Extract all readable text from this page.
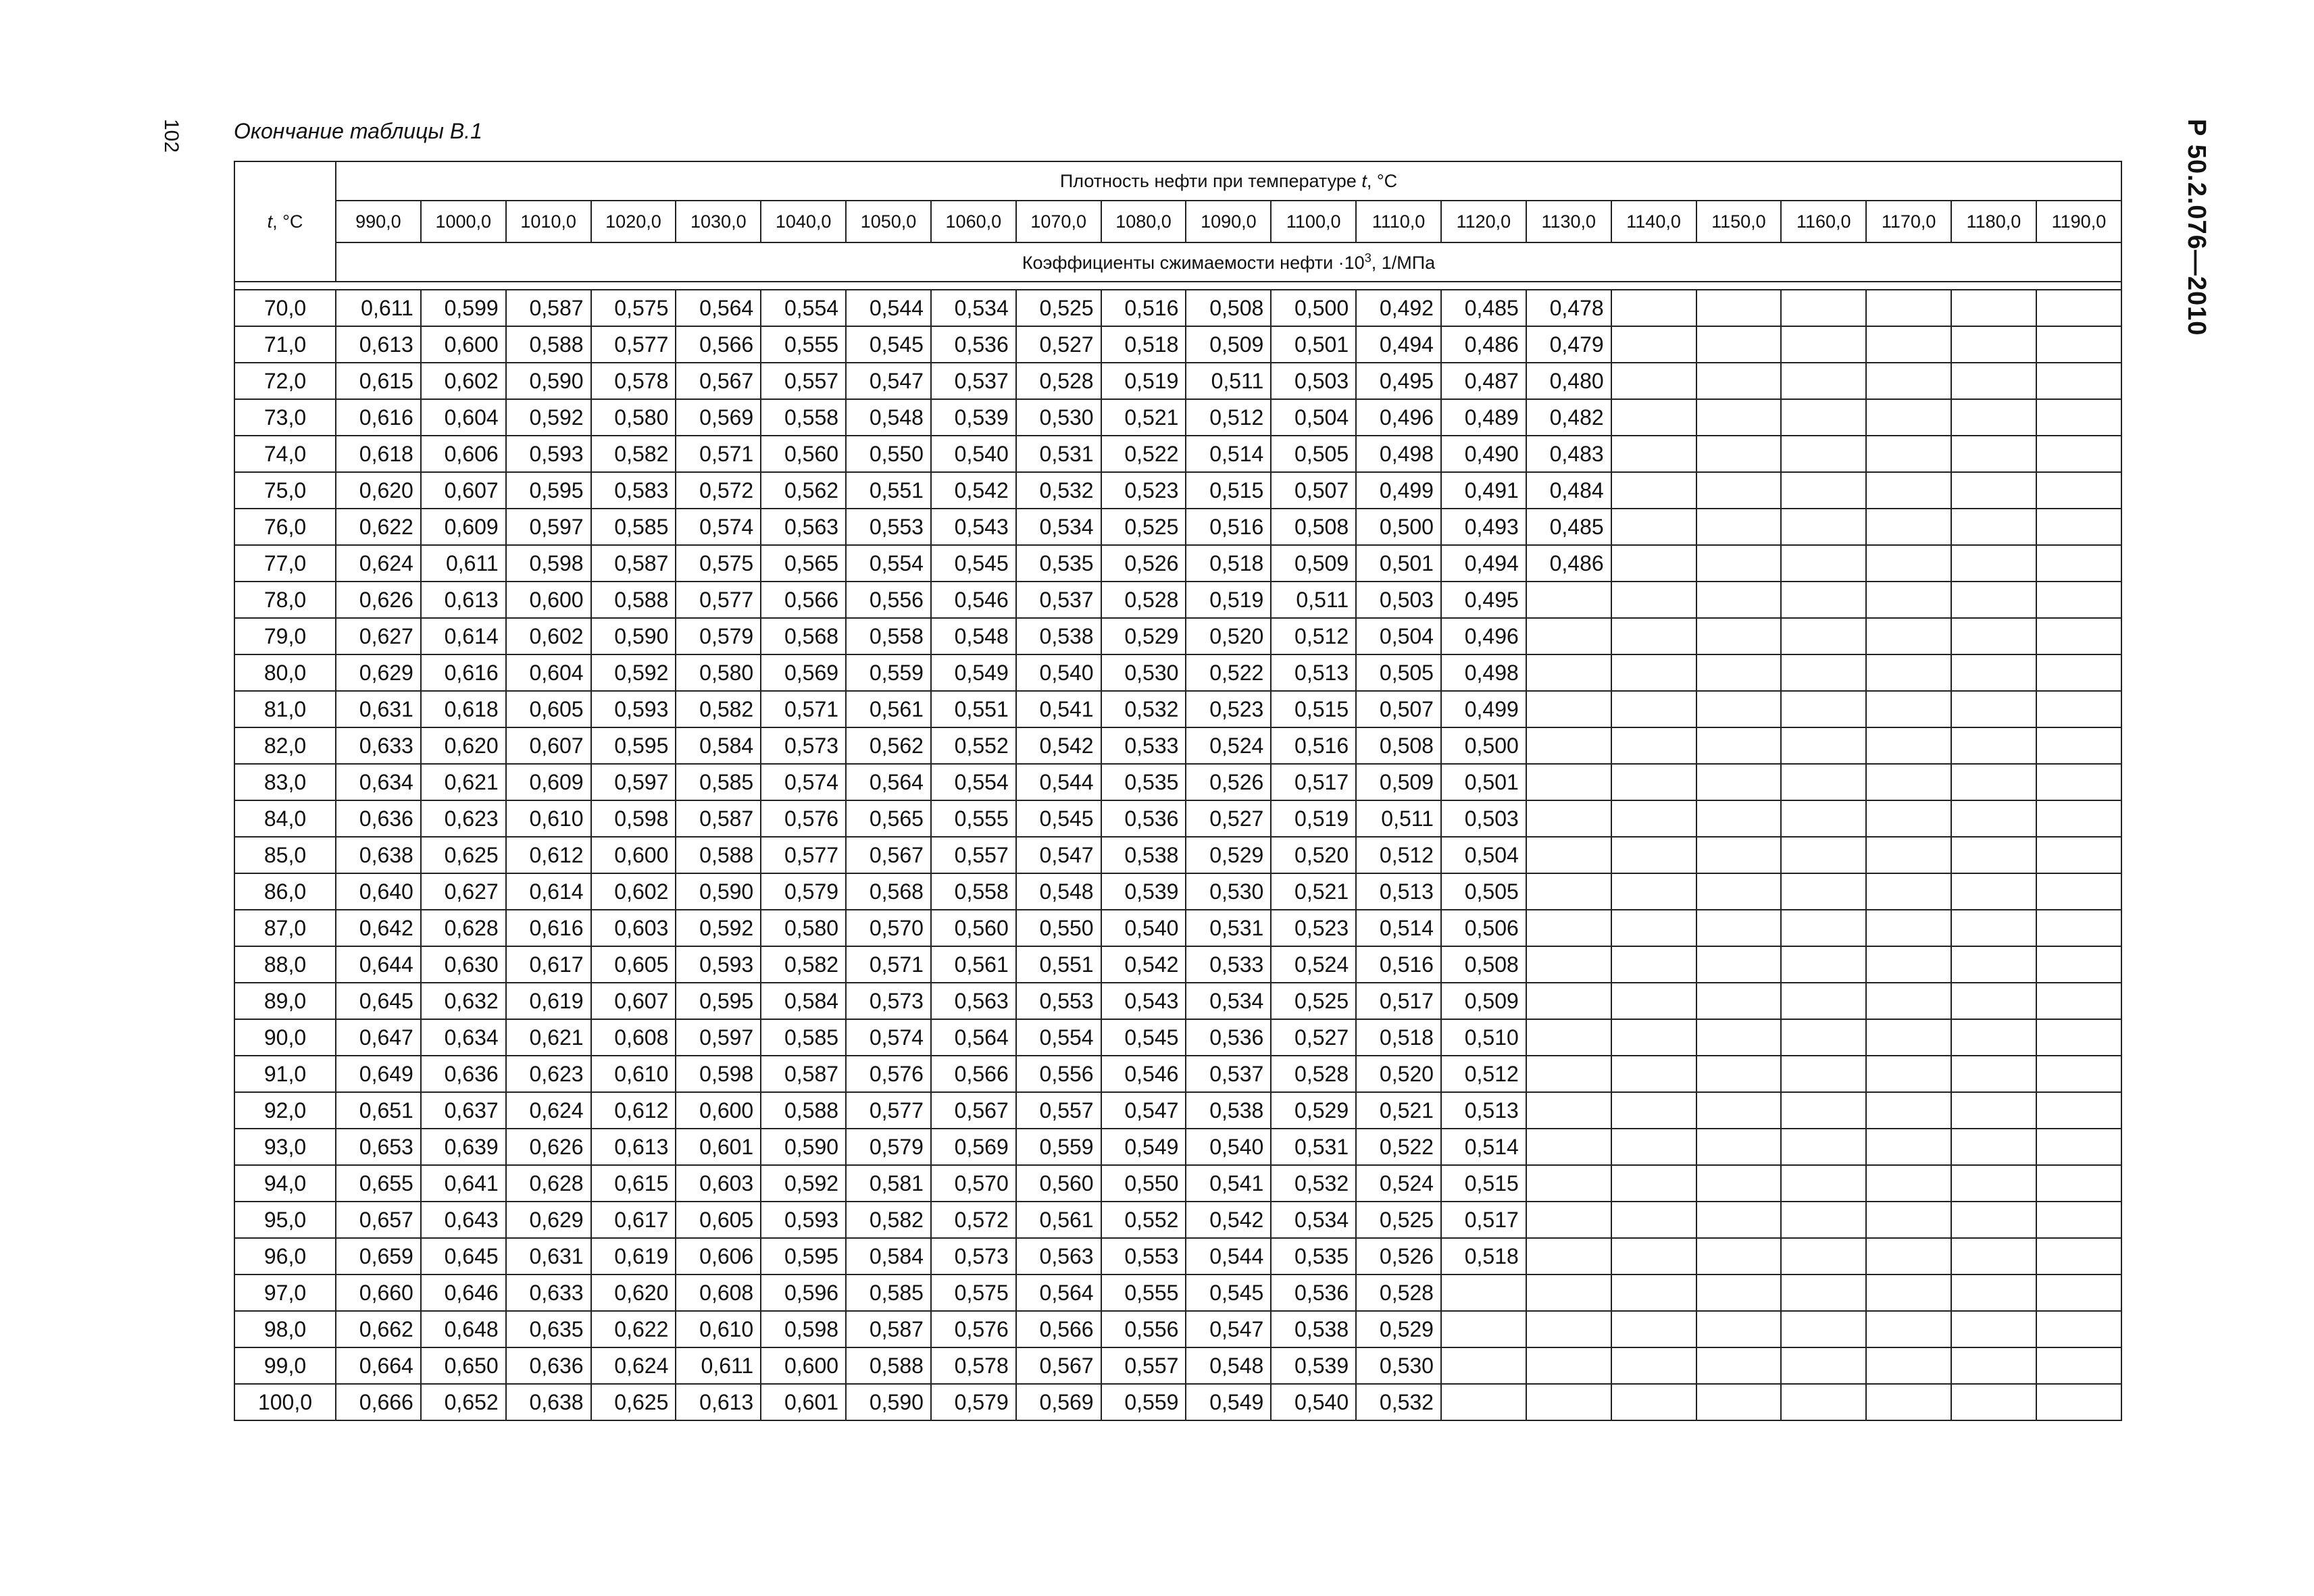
102	Р 50.2.076—2010
Окончание таблицы В.1
t, °С	Плотность нефти при температуре t, °С																				
	990,0	1000,0	1010,0	1020,0	1030,0	1040,0	1050,0	1060,0	1070,0	1080,0	1090,0	1100,0	1110,0	1120,0	1130,0	1140,0	1150,0	1160,0	1170,0	1180,0	1190,0
	Коэффициенты сжимаемости нефти $\cdot 10^3$, 1/МПа																				

70,0	0,611	0,599	0,587	0,575	0,564	0,554	0,544	0,534	0,525	0,516	0,508	0,500	0,492	0,485	0,478						
71,0	0,613	0,600	0,588	0,577	0,566	0,555	0,545	0,536	0,527	0,518	0,509	0,501	0,494	0,486	0,479						
72,0	0,615	0,602	0,590	0,578	0,567	0,557	0,547	0,537	0,528	0,519	0,511	0,503	0,495	0,487	0,480						
73,0	0,616	0,604	0,592	0,580	0,569	0,558	0,548	0,539	0,530	0,521	0,512	0,504	0,496	0,489	0,482						
74,0	0,618	0,606	0,593	0,582	0,571	0,560	0,550	0,540	0,531	0,522	0,514	0,505	0,498	0,490	0,483						
75,0	0,620	0,607	0,595	0,583	0,572	0,562	0,551	0,542	0,532	0,523	0,515	0,507	0,499	0,491	0,484						
76,0	0,622	0,609	0,597	0,585	0,574	0,563	0,553	0,543	0,534	0,525	0,516	0,508	0,500	0,493	0,485						
77,0	0,624	0,611	0,598	0,587	0,575	0,565	0,554	0,545	0,535	0,526	0,518	0,509	0,501	0,494	0,486						
78,0	0,626	0,613	0,600	0,588	0,577	0,566	0,556	0,546	0,537	0,528	0,519	0,511	0,503	0,495							
79,0	0,627	0,614	0,602	0,590	0,579	0,568	0,558	0,548	0,538	0,529	0,520	0,512	0,504	0,496							
80,0	0,629	0,616	0,604	0,592	0,580	0,569	0,559	0,549	0,540	0,530	0,522	0,513	0,505	0,498							
81,0	0,631	0,618	0,605	0,593	0,582	0,571	0,561	0,551	0,541	0,532	0,523	0,515	0,507	0,499							
82,0	0,633	0,620	0,607	0,595	0,584	0,573	0,562	0,552	0,542	0,533	0,524	0,516	0,508	0,500							
83,0	0,634	0,621	0,609	0,597	0,585	0,574	0,564	0,554	0,544	0,535	0,526	0,517	0,509	0,501							
84,0	0,636	0,623	0,610	0,598	0,587	0,576	0,565	0,555	0,545	0,536	0,527	0,519	0,511	0,503							
85,0	0,638	0,625	0,612	0,600	0,588	0,577	0,567	0,557	0,547	0,538	0,529	0,520	0,512	0,504							
86,0	0,640	0,627	0,614	0,602	0,590	0,579	0,568	0,558	0,548	0,539	0,530	0,521	0,513	0,505							
87,0	0,642	0,628	0,616	0,603	0,592	0,580	0,570	0,560	0,550	0,540	0,531	0,523	0,514	0,506							
88,0	0,644	0,630	0,617	0,605	0,593	0,582	0,571	0,561	0,551	0,542	0,533	0,524	0,516	0,508							
89,0	0,645	0,632	0,619	0,607	0,595	0,584	0,573	0,563	0,553	0,543	0,534	0,525	0,517	0,509							
90,0	0,647	0,634	0,621	0,608	0,597	0,585	0,574	0,564	0,554	0,545	0,536	0,527	0,518	0,510							
91,0	0,649	0,636	0,623	0,610	0,598	0,587	0,576	0,566	0,556	0,546	0,537	0,528	0,520	0,512							
92,0	0,651	0,637	0,624	0,612	0,600	0,588	0,577	0,567	0,557	0,547	0,538	0,529	0,521	0,513							
93,0	0,653	0,639	0,626	0,613	0,601	0,590	0,579	0,569	0,559	0,549	0,540	0,531	0,522	0,514							
94,0	0,655	0,641	0,628	0,615	0,603	0,592	0,581	0,570	0,560	0,550	0,541	0,532	0,524	0,515							
95,0	0,657	0,643	0,629	0,617	0,605	0,593	0,582	0,572	0,561	0,552	0,542	0,534	0,525	0,517							
96,0	0,659	0,645	0,631	0,619	0,606	0,595	0,584	0,573	0,563	0,553	0,544	0,535	0,526	0,518							
97,0	0,660	0,646	0,633	0,620	0,608	0,596	0,585	0,575	0,564	0,555	0,545	0,536	0,528								
98,0	0,662	0,648	0,635	0,622	0,610	0,598	0,587	0,576	0,566	0,556	0,547	0,538	0,529								
99,0	0,664	0,650	0,636	0,624	0,611	0,600	0,588	0,578	0,567	0,557	0,548	0,539	0,530								
100,0	0,666	0,652	0,638	0,625	0,613	0,601	0,590	0,579	0,569	0,559	0,549	0,540	0,532								
